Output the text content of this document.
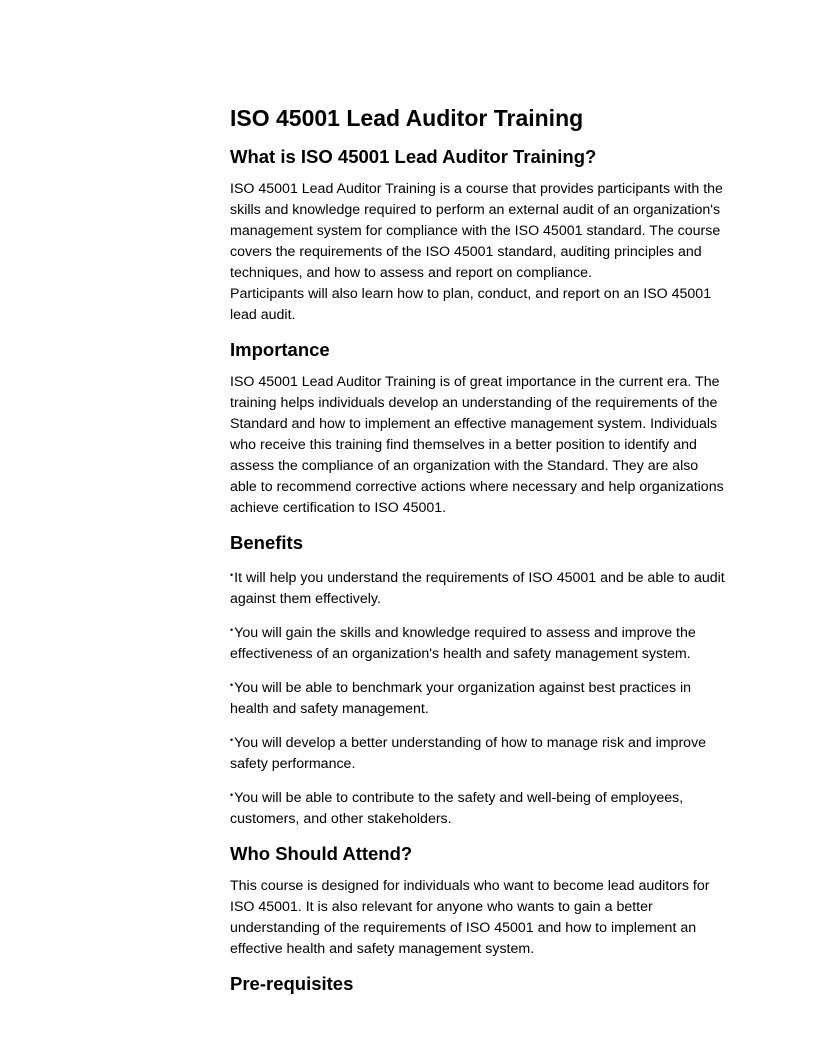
ISO 45001 Lead Auditor Training
What is ISO 45001 Lead Auditor Training?

ISO 45001 Lead Auditor Training is a course that provides participants with the skills and knowledge required to perform an external audit of an organization's management system for compliance with the ISO 45001 standard. The course covers the requirements of the ISO 45001 standard, auditing principles and techniques, and how to assess and report on compliance.

Participants will also learn how to plan, conduct, and report on an ISO 45001 lead audit.

Importance

ISO 45001 Lead Auditor Training is of great importance in the current era. The training helps individuals develop an understanding of the requirements of the Standard and how to implement an effective management system. Individuals who receive this training find themselves in a better position to identify and assess the compliance of an organization with the Standard. They are also able to recommend corrective actions where necessary and help organizations achieve certification to ISO 45001.

Benefits
•It will help you understand the requirements of ISO 45001 and be able to audit against them effectively.
•You will gain the skills and knowledge required to assess and improve the effectiveness of an organization's health and safety management system.
•You will be able to benchmark your organization against best practices in health and safety management.
•You will develop a better understanding of how to manage risk and improve safety performance.
•You will be able to contribute to the safety and well-being of employees, customers, and other stakeholders.
Who Should Attend?

This course is designed for individuals who want to become lead auditors for ISO 45001. It is also relevant for anyone who wants to gain a better understanding of the requirements of ISO 45001 and how to implement an effective health and safety management system.

Pre-requisites
